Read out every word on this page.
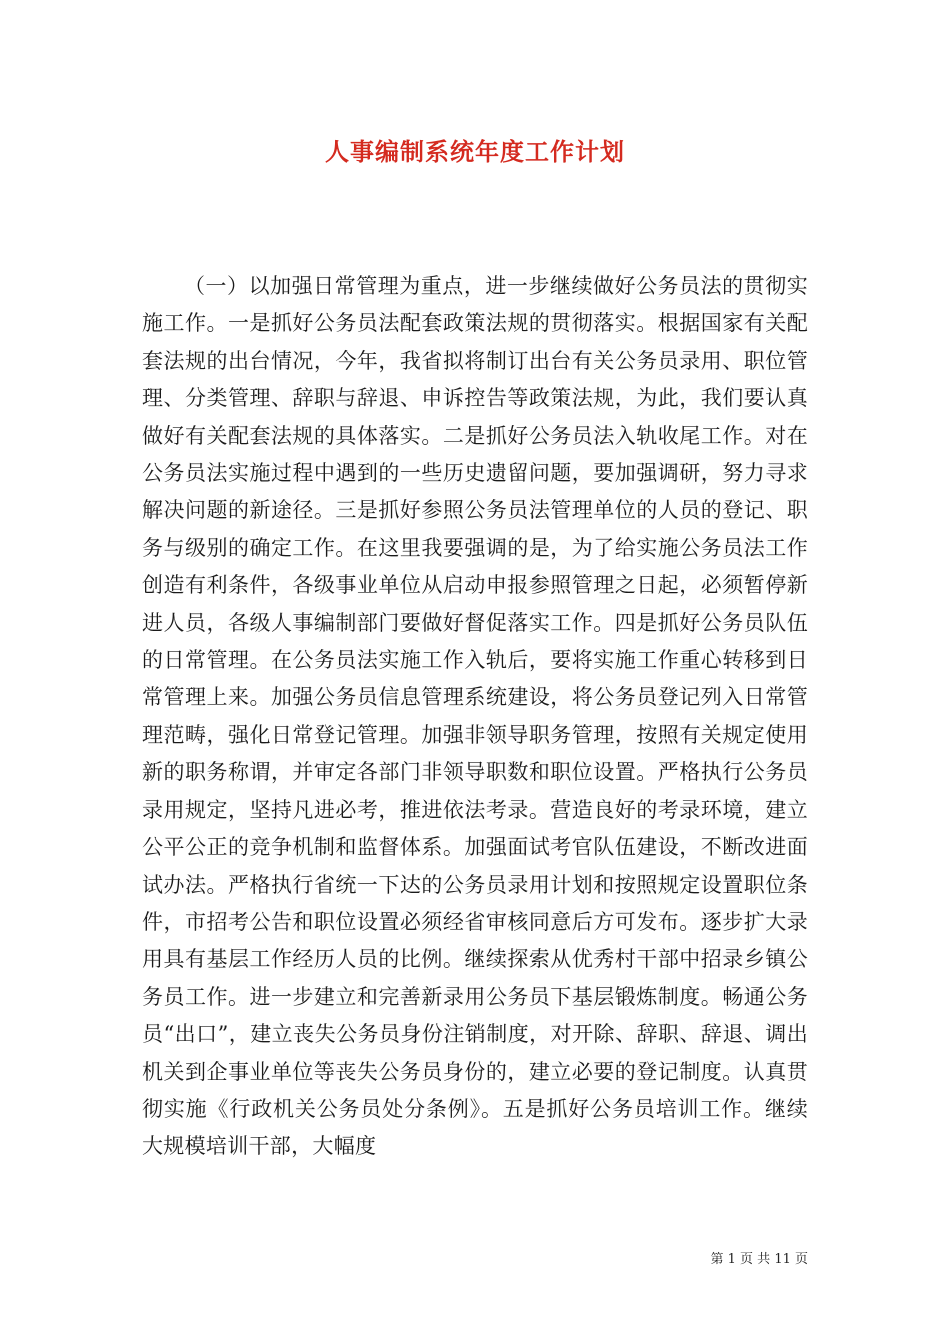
人事编制系统年度工作计划

（一）以加强日常管理为重点，进一步继续做好公务员法的贯彻实施工作。一是抓好公务员法配套政策法规的贯彻落实。根据国家有关配套法规的出台情况，今年，我省拟将制订出台有关公务员录用、职位管理、分类管理、辞职与辞退、申诉控告等政策法规，为此，我们要认真做好有关配套法规的具体落实。二是抓好公务员法入轨收尾工作。对在公务员法实施过程中遇到的一些历史遗留问题，要加强调研，努力寻求解决问题的新途径。三是抓好参照公务员法管理单位的人员的登记、职务与级别的确定工作。在这里我要强调的是，为了给实施公务员法工作创造有利条件，各级事业单位从启动申报参照管理之日起，必须暂停新进人员，各级人事编制部门要做好督促落实工作。四是抓好公务员队伍的日常管理。在公务员法实施工作入轨后，要将实施工作重心转移到日常管理上来。加强公务员信息管理系统建设，将公务员登记列入日常管理范畴，强化日常登记管理。加强非领导职务管理，按照有关规定使用新的职务称谓，并审定各部门非领导职数和职位设置。严格执行公务员录用规定，坚持凡进必考，推进依法考录。营造良好的考录环境，建立公平公正的竞争机制和监督体系。加强面试考官队伍建设，不断改进面试办法。严格执行省统一下达的公务员录用计划和按照规定设置职位条件，市招考公告和职位设置必须经省审核同意后方可发布。逐步扩大录用具有基层工作经历人员的比例。继续探索从优秀村干部中招录乡镇公务员工作。进一步建立和完善新录用公务员下基层锻炼制度。畅通公务员“出口”，建立丧失公务员身份注销制度，对开除、辞职、辞退、调出机关到企事业单位等丧失公务员身份的，建立必要的登记制度。认真贯彻实施《行政机关公务员处分条例》。五是抓好公务员培训工作。继续大规模培训干部，大幅度

第 1 页 共 11 页
